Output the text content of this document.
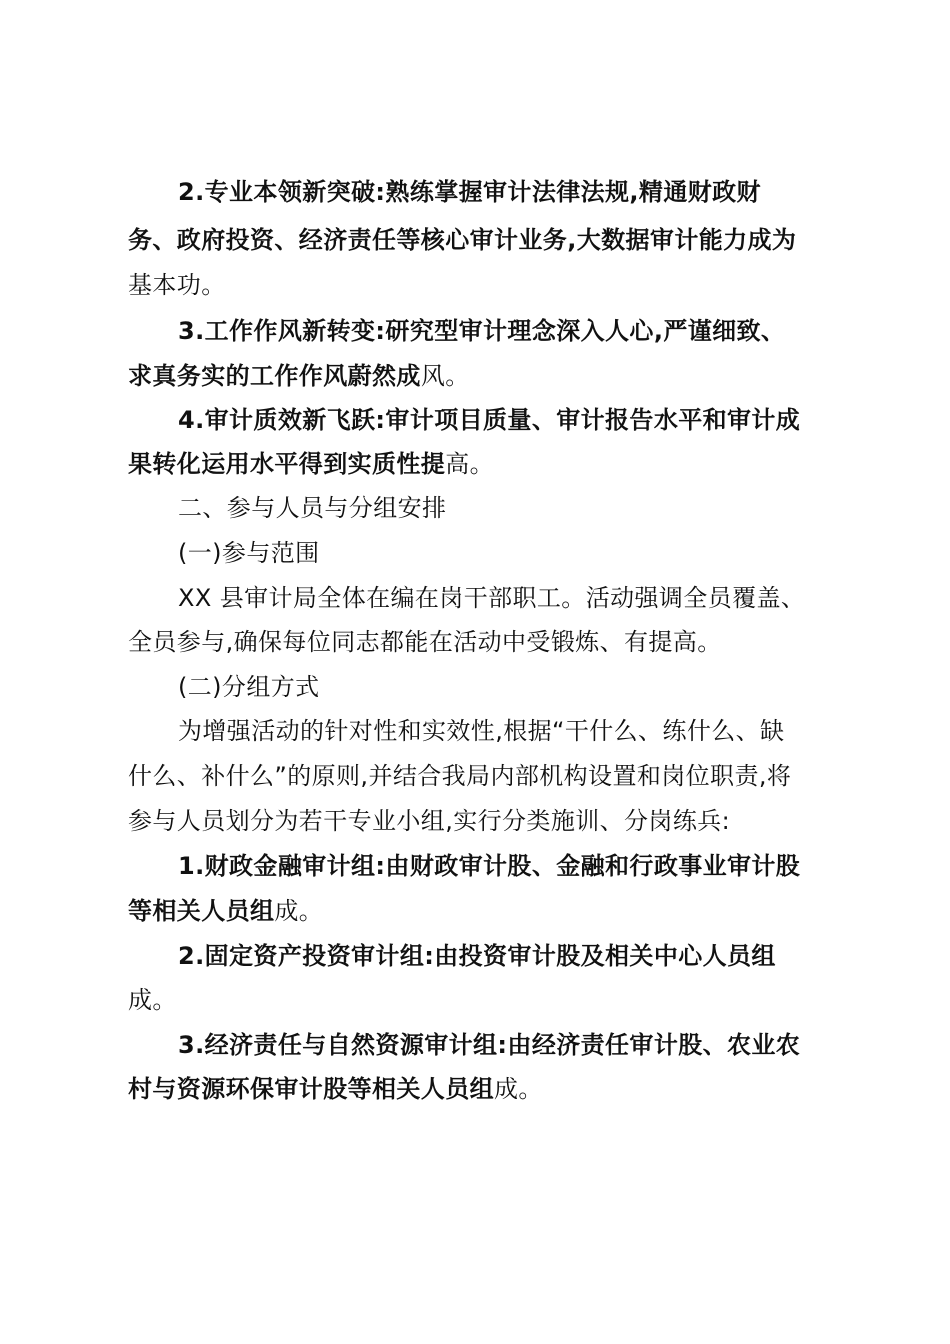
2.专业本领新突破:熟练掌握审计法律法规,精通财政财
务、政府投资、经济责任等核心审计业务,大数据审计能力成为
基本功。
3.工作作风新转变:研究型审计理念深入人心,严谨细致、
求真务实的工作作风蔚然成风。
4.审计质效新飞跃:审计项目质量、审计报告水平和审计成
果转化运用水平得到实质性提高。
二、参与人员与分组安排
(一)参与范围
XX 县审计局全体在编在岗干部职工。活动强调全员覆盖、
全员参与,确保每位同志都能在活动中受锻炼、有提高。
(二)分组方式
为增强活动的针对性和实效性,根据“干什么、练什么、缺
什么、补什么”的原则,并结合我局内部机构设置和岗位职责,将
参与人员划分为若干专业小组,实行分类施训、分岗练兵:
1.财政金融审计组:由财政审计股、金融和行政事业审计股
等相关人员组成。
2.固定资产投资审计组:由投资审计股及相关中心人员组
成。
3.经济责任与自然资源审计组:由经济责任审计股、农业农
村与资源环保审计股等相关人员组成。
